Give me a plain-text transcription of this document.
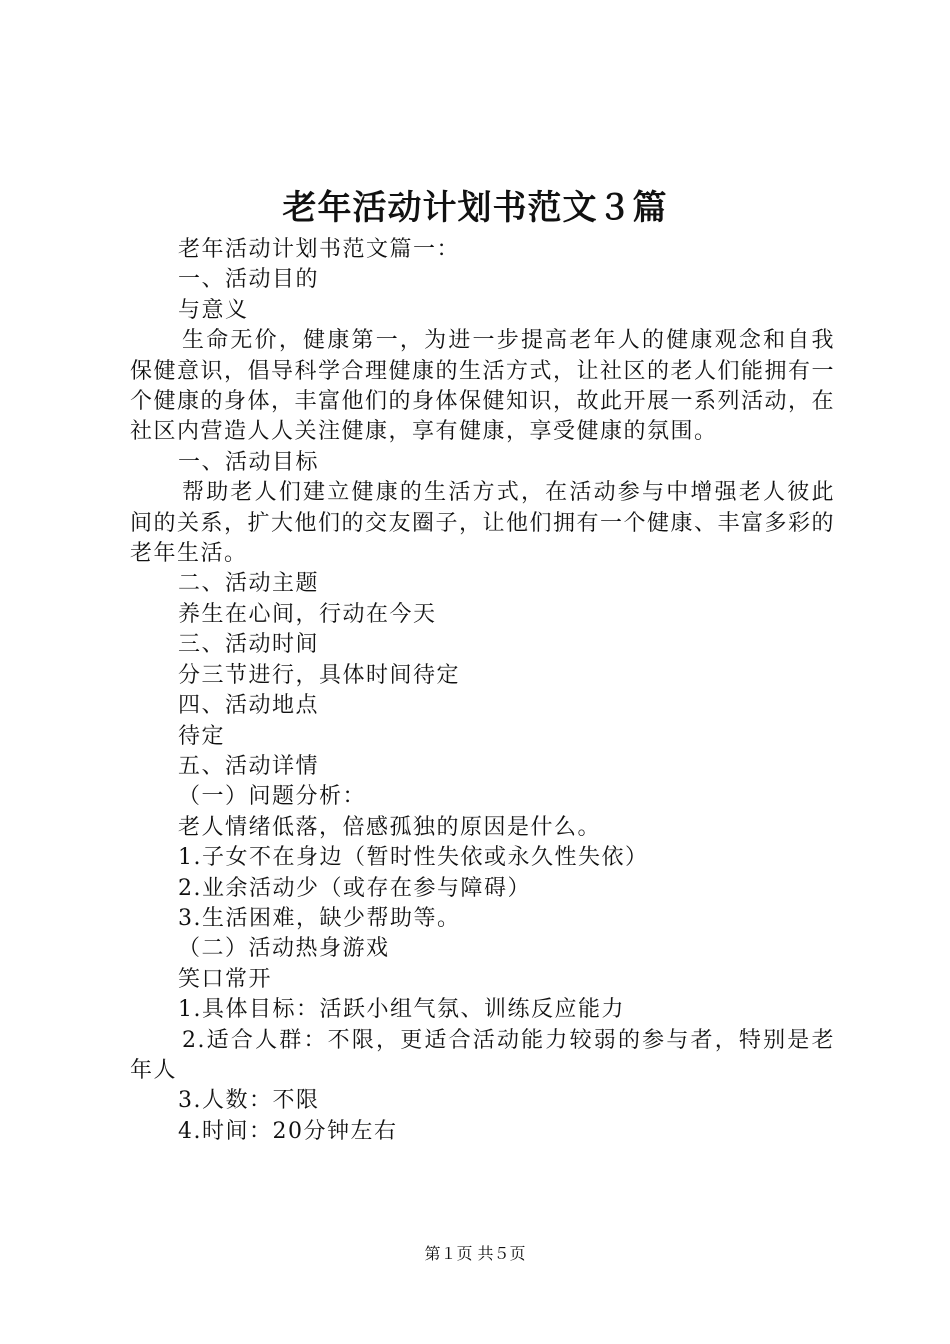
老年活动计划书范文３篇

老年活动计划书范文篇一：

一、活动目的

与意义

生命无价，健康第一，为进一步提高老年人的健康观念和自我保健意识，倡导科学合理健康的生活方式，让社区的老人们能拥有一个健康的身体，丰富他们的身体保健知识，故此开展一系列活动，在社区内营造人人关注健康，享有健康，享受健康的氛围。

一、活动目标

帮助老人们建立健康的生活方式，在活动参与中增强老人彼此间的关系，扩大他们的交友圈子，让他们拥有一个健康、丰富多彩的老年生活。

二、活动主题

养生在心间，行动在今天

三、活动时间

分三节进行，具体时间待定

四、活动地点

待定

五、活动详情

（一）问题分析：

老人情绪低落，倍感孤独的原因是什么。

1.子女不在身边（暂时性失依或永久性失依）

2.业余活动少（或存在参与障碍）

3.生活困难，缺少帮助等。

（二）活动热身游戏

笑口常开

1.具体目标：活跃小组气氛、训练反应能力

2.适合人群：不限，更适合活动能力较弱的参与者，特别是老年人

3.人数：不限

4.时间：20分钟左右

第１页 共５页
